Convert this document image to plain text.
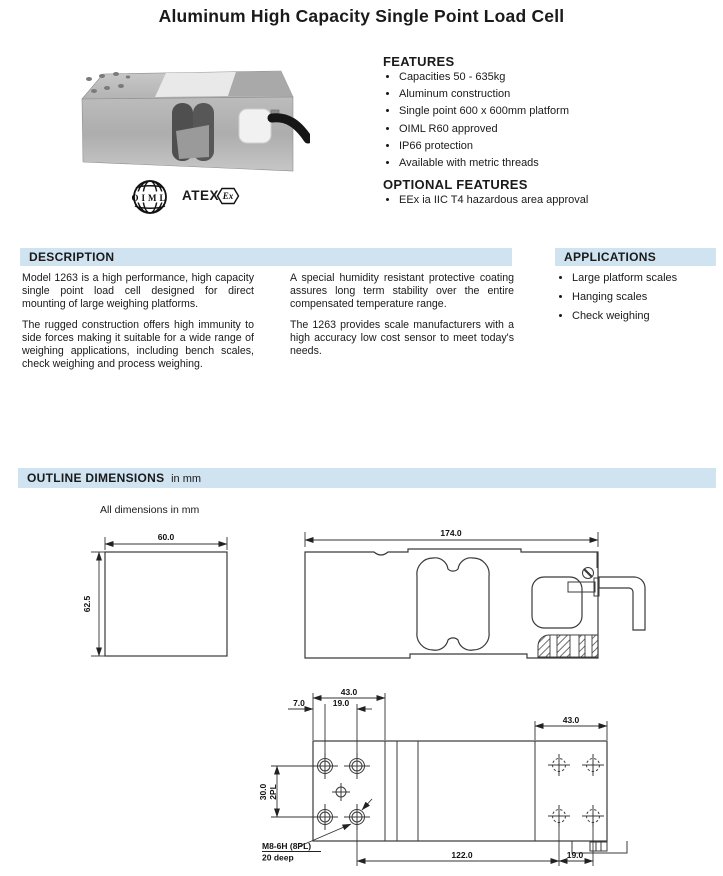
Aluminum High Capacity Single Point Load Cell
OIML ATEX Ex
FEATURES
• Capacities 50 - 635kg
• Aluminum construction
• Single point 600 x 600mm platform
• OIML R60 approved
• IP66 protection
• Available with metric threads
OPTIONAL FEATURES
• EEx ia IIC T4 hazardous area approval
DESCRIPTION

Model 1263 is a high performance, high capacity single point load cell designed for direct mounting of large weighing platforms.

The rugged construction offers high immunity to side forces making it suitable for a wide range of weighing applications, including bench scales, check weighing and process weighing.

A special humidity resistant protective coating assures long term stability over the entire compensated temperature range.

The 1263 provides scale manufacturers with a high accuracy low cost sensor to meet today's needs.

APPLICATIONS
• Large platform scales
• Hanging scales
• Check weighing
OUTLINE DIMENSIONS in mm
All dimensions in mm
60.0
62.5
174.0
43.0
7.0	19.0
43.0
30.0 2PL
M8-6H (8PL)
20 deep	122.0	19.0
